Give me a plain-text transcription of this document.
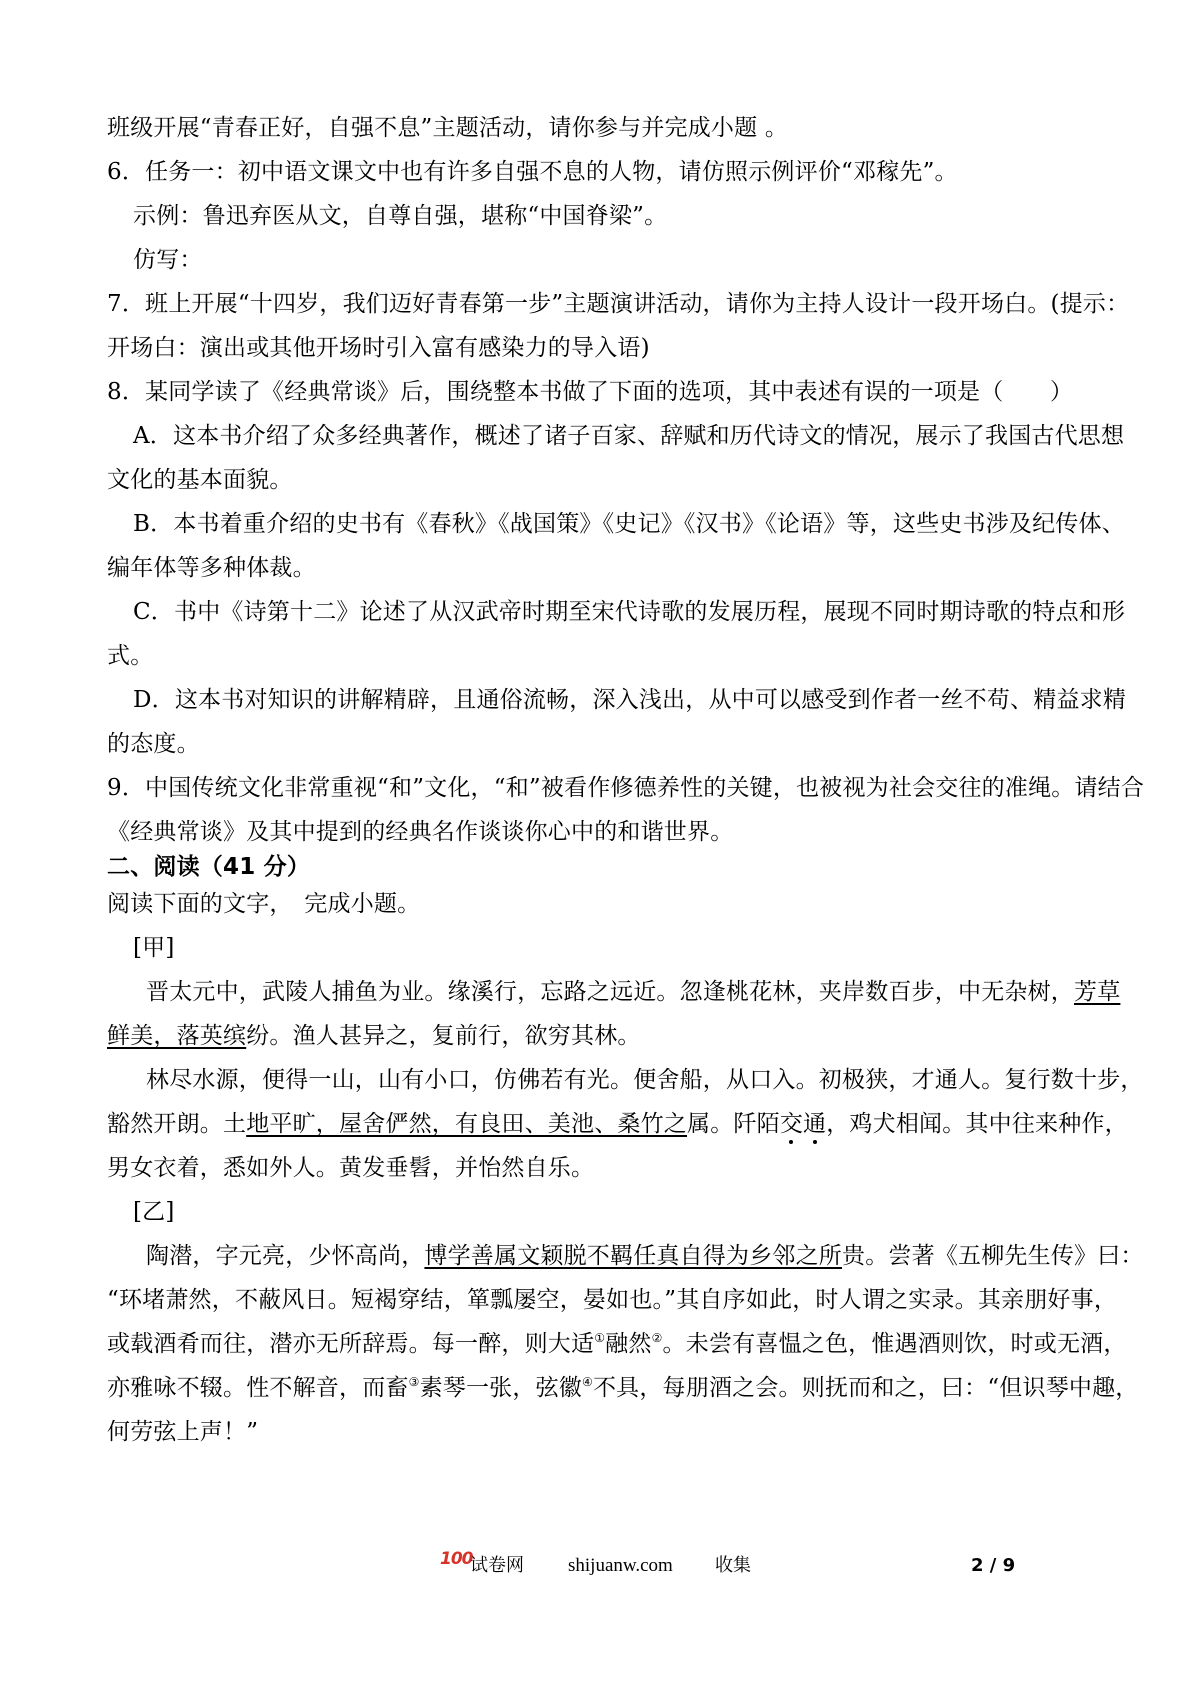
班级开展“青春正好，自强不息”主题活动，请你参与并完成小题 。
6．任务一：初中语文课文中也有许多自强不息的人物，请仿照示例评价“邓稼先”。
示例：鲁迅弃医从文，自尊自强，堪称“中国脊梁”。
仿写：
7．班上开展“十四岁，我们迈好青春第一步”主题演讲活动，请你为主持人设计一段开场白。(提示：
开场白：演出或其他开场时引入富有感染力的导入语)
8．某同学读了《经典常谈》后，围绕整本书做了下面的选项，其中表述有误的一项是（　　）
A．这本书介绍了众多经典著作，概述了诸子百家、辞赋和历代诗文的情况，展示了我国古代思想
文化的基本面貌。
B．本书着重介绍的史书有《春秋》《战国策》《史记》《汉书》《论语》等，这些史书涉及纪传体、
编年体等多种体裁。
C．书中《诗第十二》论述了从汉武帝时期至宋代诗歌的发展历程，展现不同时期诗歌的特点和形
式。
D．这本书对知识的讲解精辟，且通俗流畅，深入浅出，从中可以感受到作者一丝不苟、精益求精
的态度。
9．中国传统文化非常重视“和”文化，“和”被看作修德养性的关键，也被视为社会交往的准绳。请结合
《经典常谈》及其中提到的经典名作谈谈你心中的和谐世界。
二、阅读（41 分）
阅读下面的文字，　完成小题。
[甲]
晋太元中，武陵人捕鱼为业。缘溪行，忘路之远近。忽逢桃花林，夹岸数百步，中无杂树，芳草
鲜美，落英缤纷。渔人甚异之，复前行，欲穷其林。
林尽水源，便得一山，山有小口，仿佛若有光。便舍船，从口入。初极狭，才通人。复行数十步，
豁然开朗。土地平旷，屋舍俨然，有良田、美池、桑竹之属。阡陌交通，鸡犬相闻。其中往来种作，
男女衣着，悉如外人。黄发垂髫，并怡然自乐。
[乙]
陶潜，字元亮，少怀高尚，博学善属文颖脱不羁任真自得为乡邻之所贵。尝著《五柳先生传》曰：
“环堵萧然，不蔽风日。短褐穿结，箪瓢屡空，晏如也。”其自序如此，时人谓之实录。其亲朋好事，
或载酒肴而往，潜亦无所辞焉。每一醉，则大适①融然②。未尝有喜愠之色，惟遇酒则饮，时或无酒，
亦雅咏不辍。性不解音，而畜③素琴一张，弦徽④不具，每朋酒之会。则抚而和之，曰：“但识琴中趣，
何劳弦上声！”
100
试卷网 shijuanw.com 收集	2 / 9
